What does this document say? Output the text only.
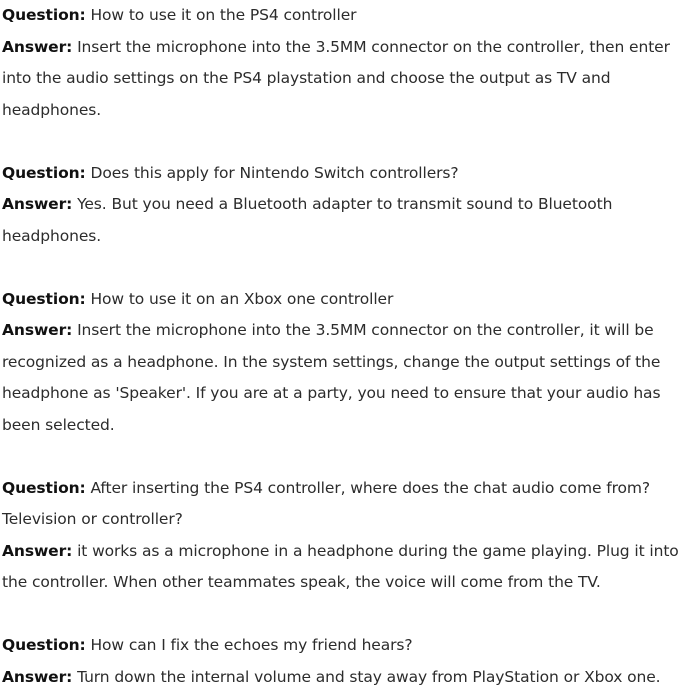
Question: How to use it on the PS4 controller

Answer: Insert the microphone into the 3.5MM connector on the controller, then enter into the audio settings on the PS4 playstation and choose the output as TV and headphones.

Question: Does this apply for Nintendo Switch controllers?

Answer: Yes. But you need a Bluetooth adapter to transmit sound to Bluetooth headphones.

Question: How to use it on an Xbox one controller

Answer: Insert the microphone into the 3.5MM connector on the controller, it will be recognized as a headphone. In the system settings, change the output settings of the headphone as 'Speaker'. If you are at a party, you need to ensure that your audio has been selected.

Question: After inserting the PS4 controller, where does the chat audio come from? Television or controller?

Answer: it works as a microphone in a headphone during the game playing. Plug it into the controller. When other teammates speak, the voice will come from the TV.

Question: How can I fix the echoes my friend hears?

Answer: Turn down the internal volume and stay away from PlayStation or Xbox one.
